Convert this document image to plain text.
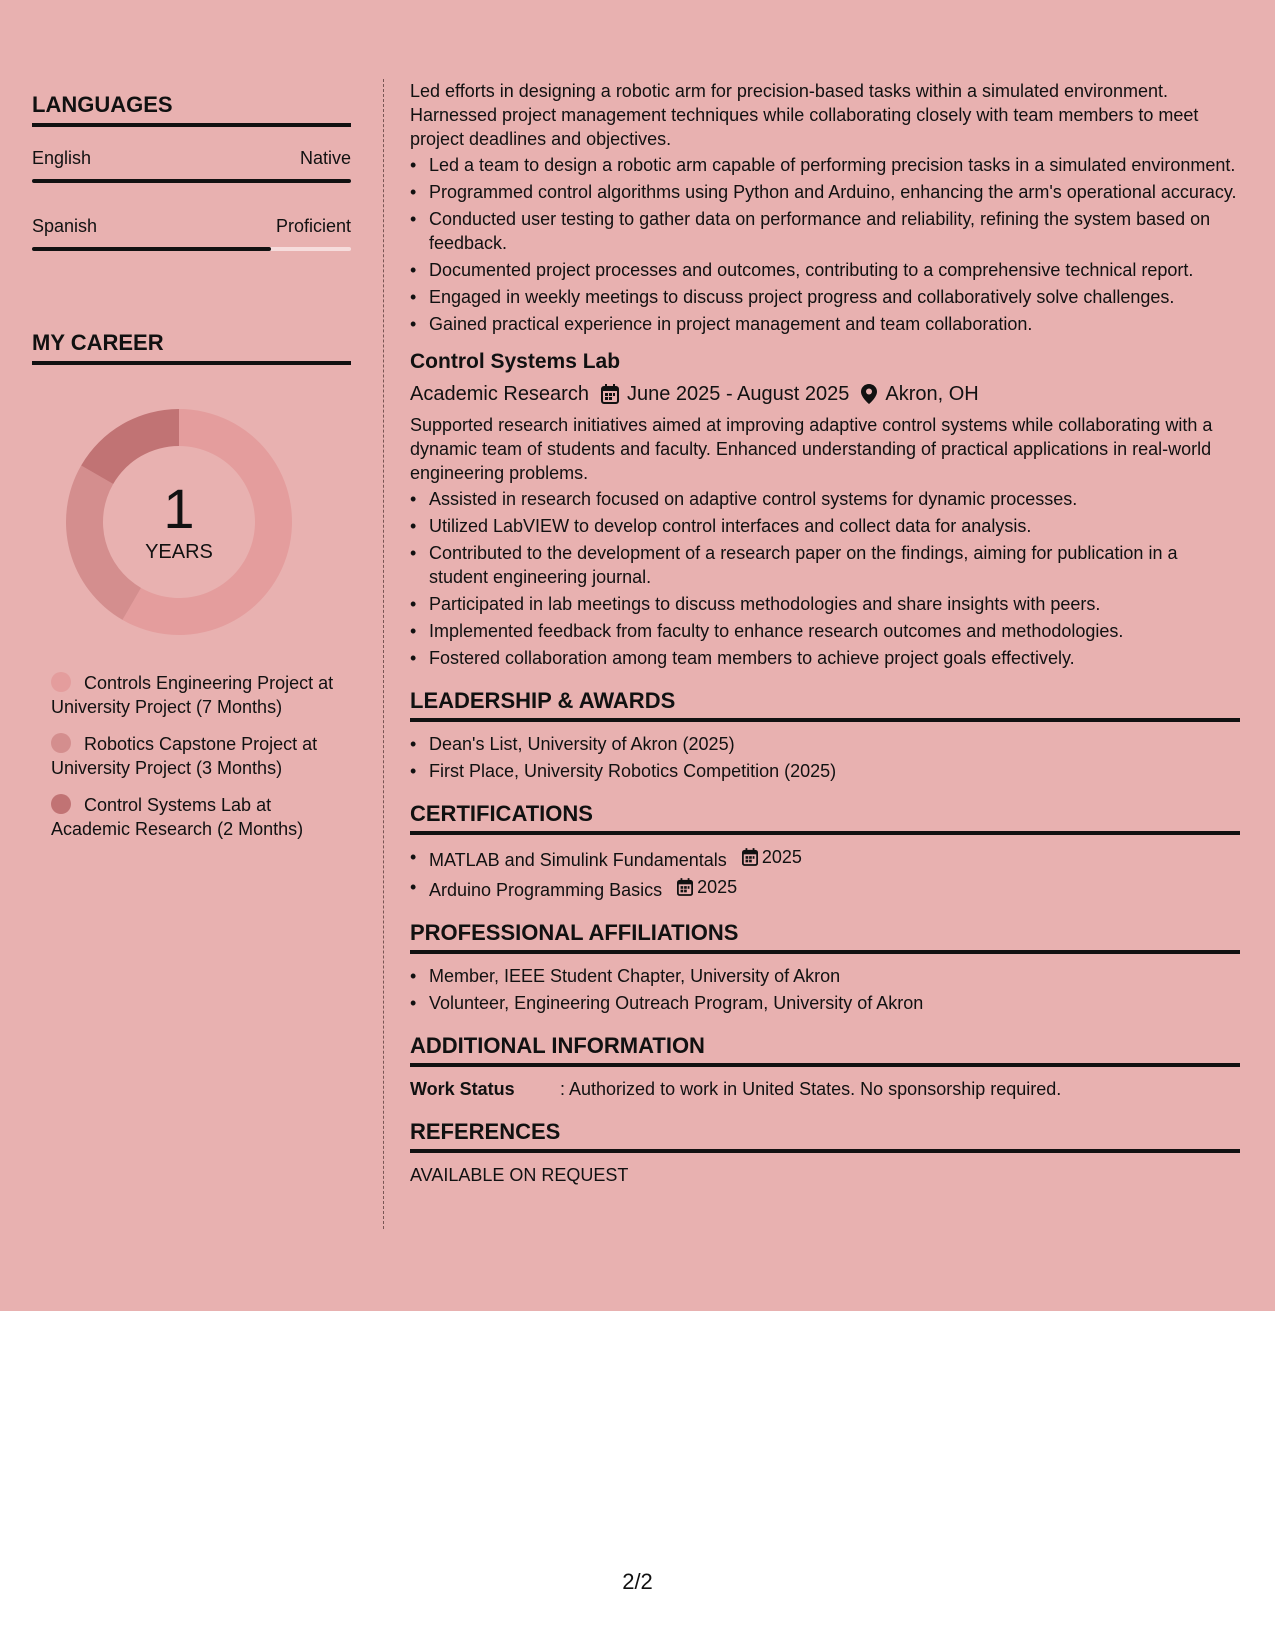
LANGUAGES
English	Native
Spanish	Proficient
MY CAREER
1
YEARS
Controls Engineering Project at University Project (7 Months)
Robotics Capstone Project at University Project (3 Months)
Control Systems Lab at Academic Research (2 Months)
Led efforts in designing a robotic arm for precision-based tasks within a simulated environment. Harnessed project management techniques while collaborating closely with team members to meet project deadlines and objectives.
• Led a team to design a robotic arm capable of performing precision tasks in a simulated environment.
• Programmed control algorithms using Python and Arduino, enhancing the arm's operational accuracy.
• Conducted user testing to gather data on performance and reliability, refining the system based on feedback.
• Documented project processes and outcomes, contributing to a comprehensive technical report.
• Engaged in weekly meetings to discuss project progress and collaboratively solve challenges.
• Gained practical experience in project management and team collaboration.
Control Systems Lab
Academic Research June 2025 - August 2025 Akron, OH
Supported research initiatives aimed at improving adaptive control systems while collaborating with a dynamic team of students and faculty. Enhanced understanding of practical applications in real-world engineering problems.
• Assisted in research focused on adaptive control systems for dynamic processes.
• Utilized LabVIEW to develop control interfaces and collect data for analysis.
• Contributed to the development of a research paper on the findings, aiming for publication in a student engineering journal.
• Participated in lab meetings to discuss methodologies and share insights with peers.
• Implemented feedback from faculty to enhance research outcomes and methodologies.
• Fostered collaboration among team members to achieve project goals effectively.
LEADERSHIP & AWARDS
• Dean's List, University of Akron (2025)
• First Place, University Robotics Competition (2025)
CERTIFICATIONS
• MATLAB and Simulink Fundamentals 2025
• Arduino Programming Basics 2025
PROFESSIONAL AFFILIATIONS
• Member, IEEE Student Chapter, University of Akron
• Volunteer, Engineering Outreach Program, University of Akron
ADDITIONAL INFORMATION
Work Status	: Authorized to work in United States. No sponsorship required.
REFERENCES
AVAILABLE ON REQUEST
2/2
